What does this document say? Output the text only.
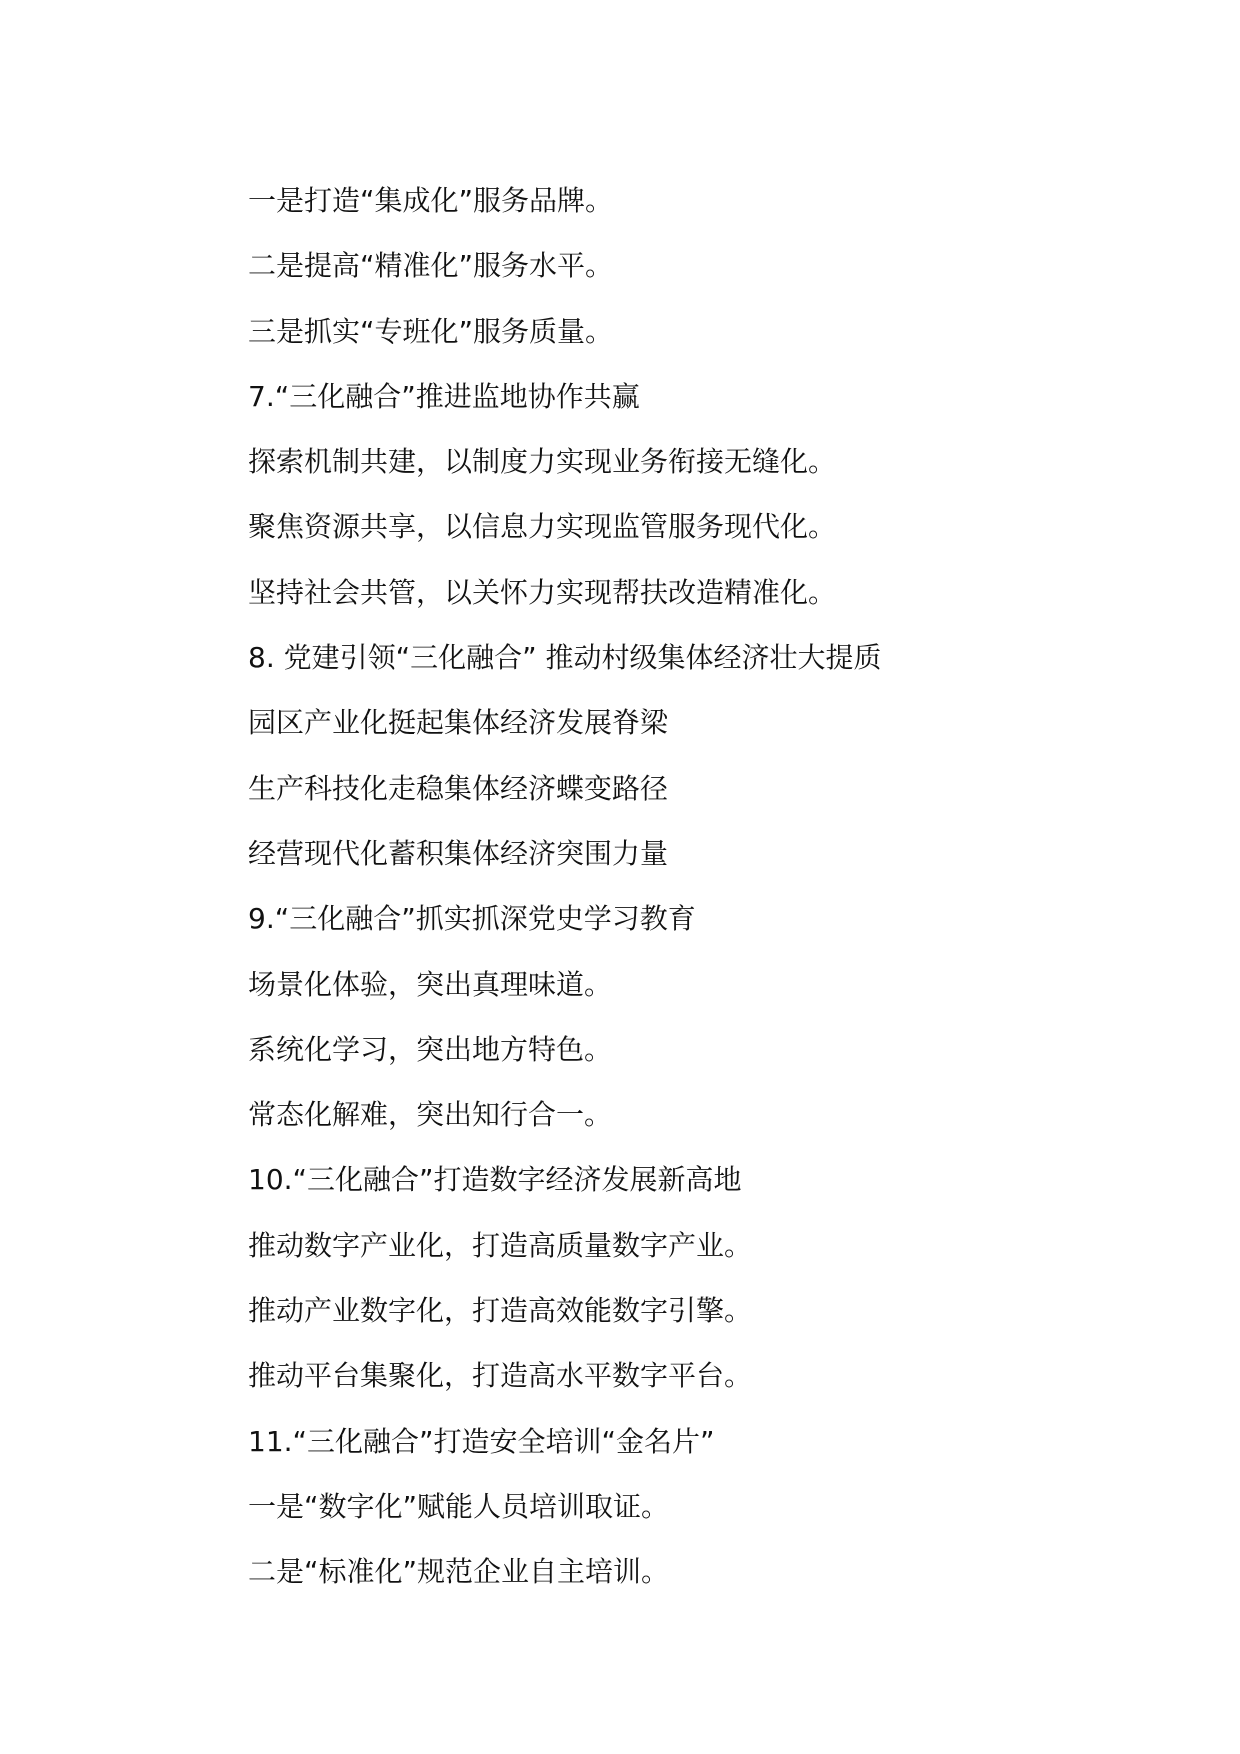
一是打造“集成化”服务品牌。
二是提高“精准化”服务水平。
三是抓实“专班化”服务质量。
7.“三化融合”推进监地协作共赢
探索机制共建，以制度力实现业务衔接无缝化。
聚焦资源共享，以信息力实现监管服务现代化。
坚持社会共管，以关怀力实现帮扶改造精准化。
8. 党建引领“三化融合” 推动村级集体经济壮大提质
园区产业化挺起集体经济发展脊梁
生产科技化走稳集体经济蝶变路径
经营现代化蓄积集体经济突围力量
9.“三化融合”抓实抓深党史学习教育
场景化体验，突出真理味道。
系统化学习，突出地方特色。
常态化解难，突出知行合一。
10.“三化融合”打造数字经济发展新高地
推动数字产业化，打造高质量数字产业。
推动产业数字化，打造高效能数字引擎。
推动平台集聚化，打造高水平数字平台。
11.“三化融合”打造安全培训“金名片”
一是“数字化”赋能人员培训取证。
二是“标准化”规范企业自主培训。
